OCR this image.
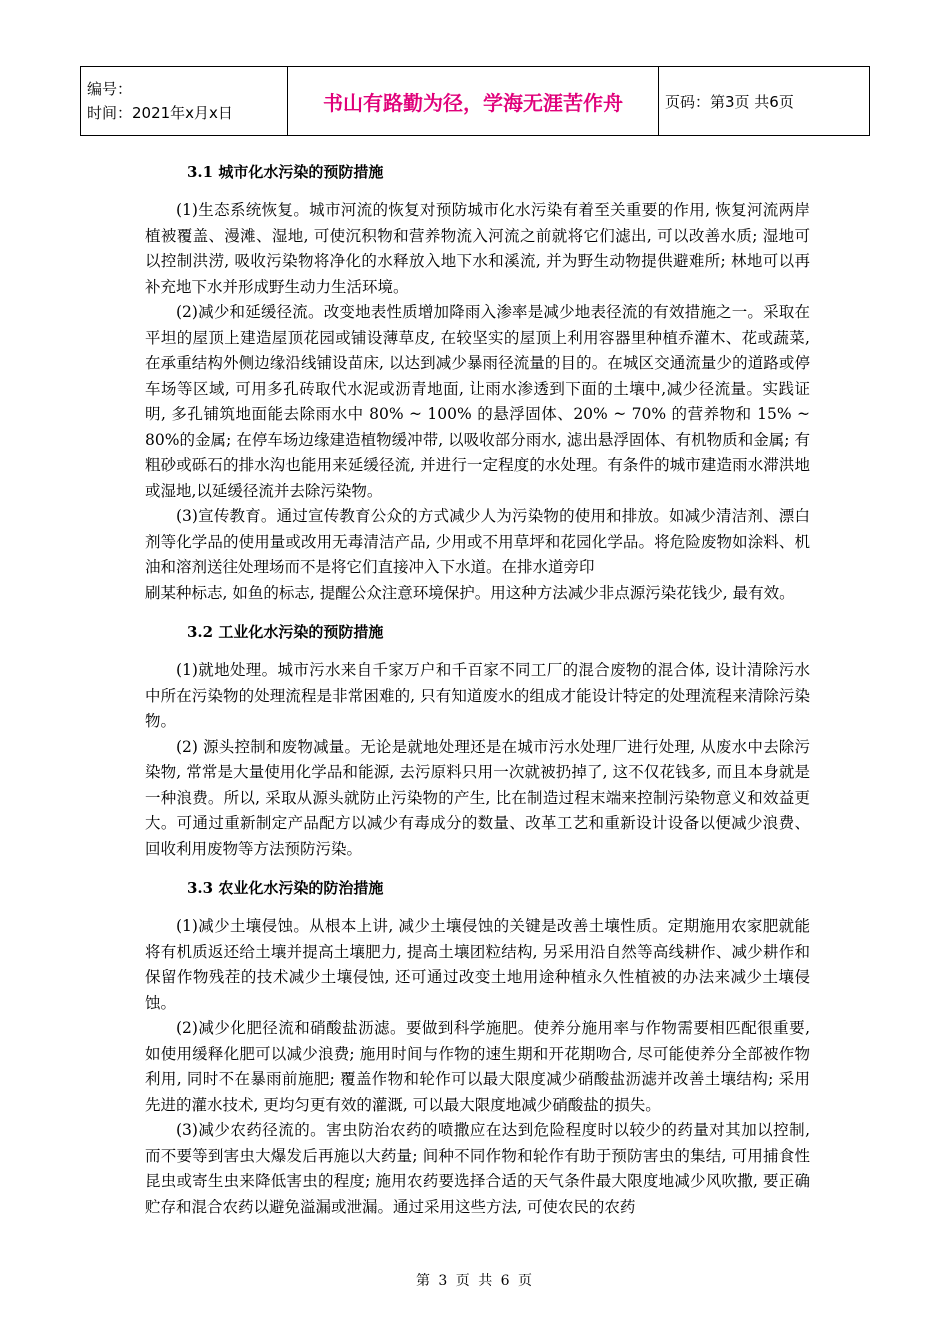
编号：
时间：2021年x月x日	书山有路勤为径，学海无涯苦作舟	页码：第3页 共6页
3.1 城市化水污染的预防措施

(1)生态系统恢复。城市河流的恢复对预防城市化水污染有着至关重要的作用, 恢复河流两岸植被覆盖、漫滩、湿地, 可使沉积物和营养物流入河流之前就将它们滤出, 可以改善水质; 湿地可以控制洪涝, 吸收污染物将净化的水释放入地下水和溪流, 并为野生动物提供避难所; 林地可以再补充地下水并形成野生动力生活环境。

(2)减少和延缓径流。改变地表性质增加降雨入渗率是减少地表径流的有效措施之一。采取在平坦的屋顶上建造屋顶花园或铺设薄草皮, 在较坚实的屋顶上利用容器里种植乔灌木、花或蔬菜, 在承重结构外侧边缘沿线铺设苗床, 以达到减少暴雨径流量的目的。在城区交通流量少的道路或停车场等区域, 可用多孔砖取代水泥或沥青地面, 让雨水渗透到下面的土壤中,减少径流量。实践证明, 多孔铺筑地面能去除雨水中 80% ~ 100% 的悬浮固体、20% ~ 70% 的营养物和 15% ~ 80%的金属; 在停车场边缘建造植物缓冲带, 以吸收部分雨水, 滤出悬浮固体、有机物质和金属; 有粗砂或砾石的排水沟也能用来延缓径流, 并进行一定程度的水处理。有条件的城市建造雨水滞洪地或湿地,以延缓径流并去除污染物。

(3)宣传教育。通过宣传教育公众的方式减少人为污染物的使用和排放。如减少清洁剂、漂白剂等化学品的使用量或改用无毒清洁产品, 少用或不用草坪和花园化学品。将危险废物如涂料、机油和溶剂送往处理场而不是将它们直接冲入下水道。在排水道旁印

刷某种标志, 如鱼的标志, 提醒公众注意环境保护。用这种方法减少非点源污染花钱少, 最有效。

3.2 工业化水污染的预防措施

(1)就地处理。城市污水来自千家万户和千百家不同工厂的混合废物的混合体, 设计清除污水中所在污染物的处理流程是非常困难的, 只有知道废水的组成才能设计特定的处理流程来清除污染物。

(2) 源头控制和废物减量。无论是就地处理还是在城市污水处理厂进行处理, 从废水中去除污染物, 常常是大量使用化学品和能源, 去污原料只用一次就被扔掉了, 这不仅花钱多, 而且本身就是一种浪费。所以, 采取从源头就防止污染物的产生, 比在制造过程末端来控制污染物意义和效益更大。可通过重新制定产品配方以减少有毒成分的数量、改革工艺和重新设计设备以便减少浪费、回收利用废物等方法预防污染。

3.3 农业化水污染的防治措施

(1)减少土壤侵蚀。从根本上讲, 减少土壤侵蚀的关键是改善土壤性质。定期施用农家肥就能将有机质返还给土壤并提高土壤肥力, 提高土壤团粒结构, 另采用沿自然等高线耕作、减少耕作和保留作物残茬的技术减少土壤侵蚀, 还可通过改变土地用途种植永久性植被的办法来减少土壤侵蚀。

(2)减少化肥径流和硝酸盐沥滤。要做到科学施肥。使养分施用率与作物需要相匹配很重要, 如使用缓释化肥可以减少浪费; 施用时间与作物的速生期和开花期吻合, 尽可能使养分全部被作物利用, 同时不在暴雨前施肥; 覆盖作物和轮作可以最大限度减少硝酸盐沥滤并改善土壤结构; 采用先进的灌水技术, 更均匀更有效的灌溉, 可以最大限度地减少硝酸盐的损失。

(3)减少农药径流的。害虫防治农药的喷撒应在达到危险程度时以较少的药量对其加以控制, 而不要等到害虫大爆发后再施以大药量; 间种不同作物和轮作有助于预防害虫的集结, 可用捕食性昆虫或寄生虫来降低害虫的程度; 施用农药要选择合适的天气条件最大限度地减少风吹撒, 要正确贮存和混合农药以避免溢漏或泄漏。通过采用这些方法, 可使农民的农药

第 3 页 共 6 页
